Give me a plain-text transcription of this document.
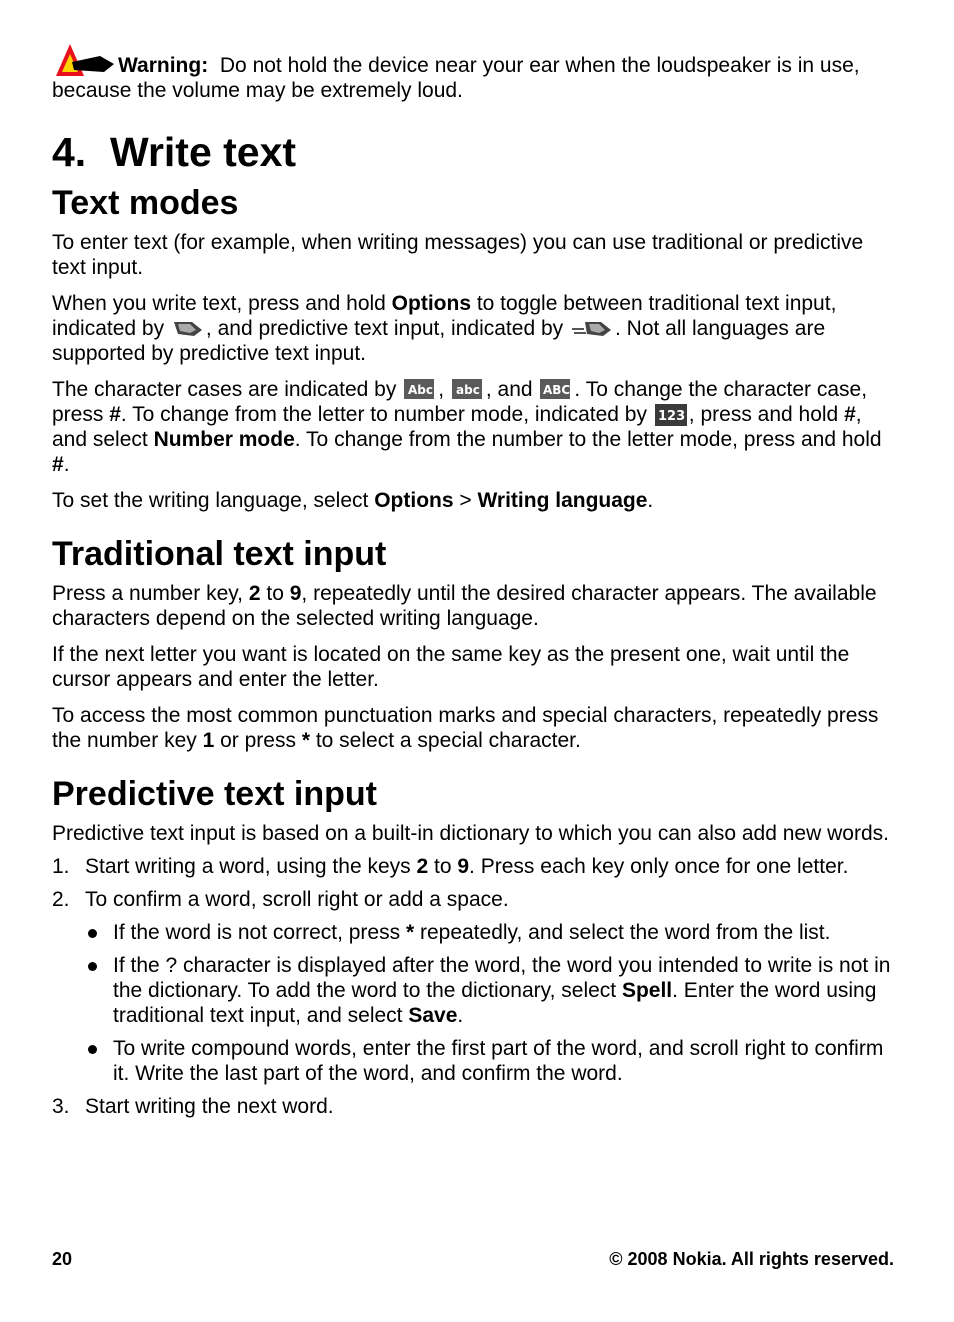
Warning: Do not hold the device near your ear when the loudspeaker is in use, because the volume may be extremely loud.

4. Write text
Text modes

To enter text (for example, when writing messages) you can use traditional or predictive text input.

When you write text, press and hold Options to toggle between traditional text input, indicated by
, and predictive text input, indicated by
. Not all languages are supported by predictive text input.

The character cases are indicated by Abc , abc , and ABC . To change the character case, press #. To change from the letter to number mode, indicated by 123 , press and hold #, and select Number mode. To change from the number to the letter mode, press and hold #.

To set the writing language, select Options > Writing language.

Traditional text input

Press a number key, 2 to 9, repeatedly until the desired character appears. The available characters depend on the selected writing language.

If the next letter you want is located on the same key as the present one, wait until the cursor appears and enter the letter.

To access the most common punctuation marks and special characters, repeatedly press the number key 1 or press * to select a special character.

Predictive text input

Predictive text input is based on a built-in dictionary to which you can also add new words.

1. Start writing a word, using the keys 2 to 9. Press each key only once for one letter.
2. To confirm a word, scroll right or add a space.
If the word is not correct, press * repeatedly, and select the word from the list.
If the ? character is displayed after the word, the word you intended to write is not in the dictionary. To add the word to the dictionary, select Spell. Enter the word using traditional text input, and select Save.
To write compound words, enter the first part of the word, and scroll right to confirm it. Write the last part of the word, and confirm the word.
3. Start writing the next word.
20	© 2008 Nokia. All rights reserved.
